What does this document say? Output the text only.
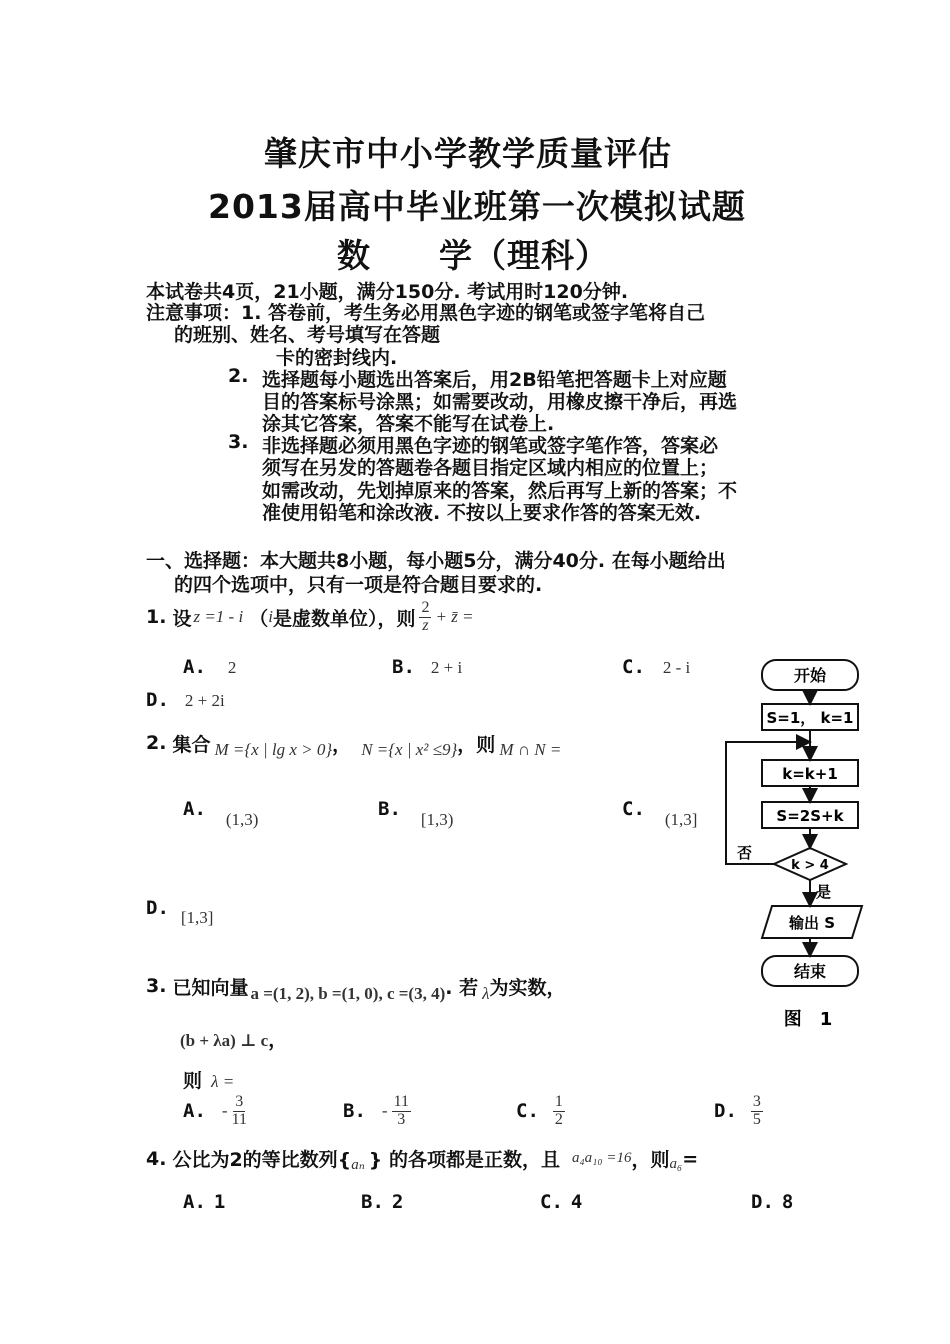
肇庆市中小学教学质量评估
2013届高中毕业班第一次模拟试题
数　　学（理科）
本试卷共4页，21小题，满分150分. 考试用时120分钟.
注意事项：1. 答卷前，考生务必用黑色字迹的钢笔或签字笔将自己
的班别、姓名、考号填写在答题
卡的密封线内.
2. 选择题每小题选出答案后，用2B铅笔把答题卡上对应题
目的答案标号涂黑；如需要改动，用橡皮擦干净后，再选
涂其它答案，答案不能写在试卷上.
3. 非选择题必须用黑色字迹的钢笔或签字笔作答，答案必
须写在另发的答题卷各题目指定区域内相应的位置上；
如需改动，先划掉原来的答案，然后再写上新的答案；不
准使用铅笔和涂改液. 不按以上要求作答的答案无效.
一、选择题：本大题共8小题，每小题5分，满分40分. 在每小题给出
的四个选项中，只有一项是符合题目要求的.
1. 设 z =1 - i （ i 是虚数单位），则 $\frac{2}{z}$ + z̄ =
A. 2	B. 2 + i	C. 2 - i
D. 2 + 2i
2. 集合 M ={x | lg x > 0} ， N ={x | x² ≤9} ，则 M ∩ N =
A. (1,3)	B. [1,3)	C. (1,3]
D. [1,3]
3. 已知向量 a =(1, 2), b =(1, 0), c =(3, 4) . 若 λ 为实数，
(b + λa) ⊥ c，
则 λ =
A. - $\frac{3}{11}$	B. - $\frac{11}{3}$	C. $\frac{1}{2}$	D. $\frac{3}{5}$
4. 公比为2的等比数列{ aₙ } 的各项都是正数，且 a₄a₁₀ =16 ，则 a₆ =
A. 1	B. 2	C. 4	D. 8
开始
S=1， k=1
k=k+1
S=2S+k
k > 4
否
是
输出 S
结束
图　1
